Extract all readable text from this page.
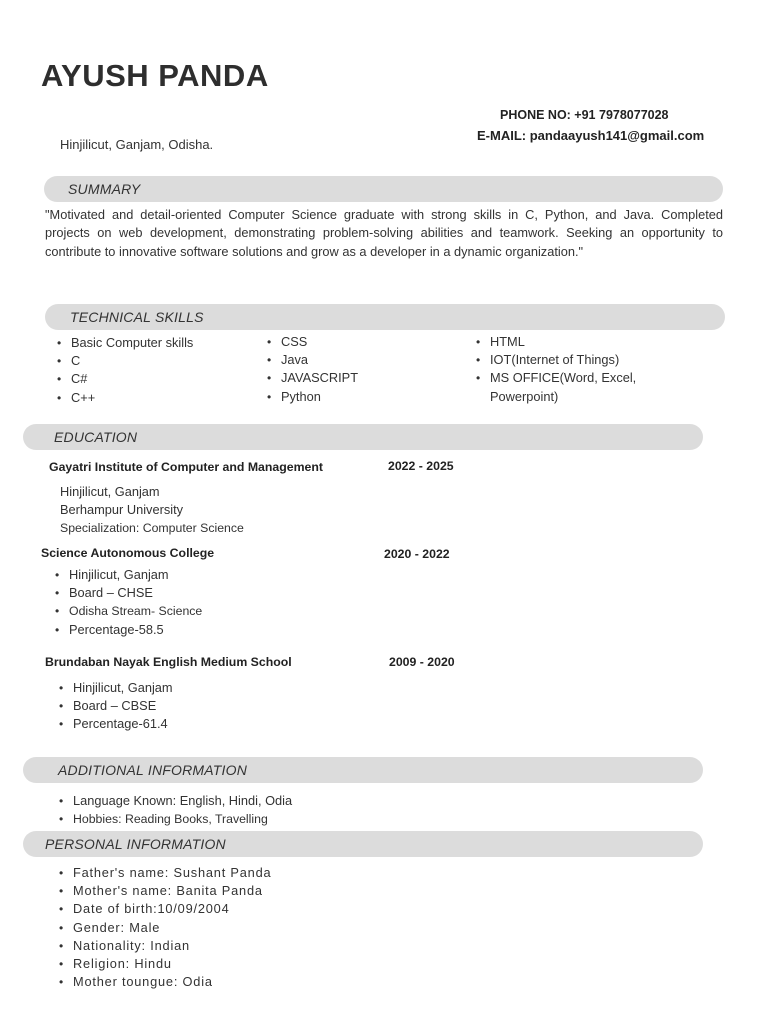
AYUSH PANDA
PHONE NO: +91 7978077028
E-MAIL: pandaayush141@gmail.com
Hinjilicut, Ganjam, Odisha.
SUMMARY

"Motivated and detail-oriented Computer Science graduate with strong skills in C, Python, and Java. Completed projects on web development, demonstrating problem-solving abilities and teamwork. Seeking an opportunity to contribute to innovative software solutions and grow as a developer in a dynamic organization."

TECHNICAL SKILLS
• Basic Computer skills
• C
• C#
• C++
• CSS
• Java
• JAVASCRIPT
• Python
• HTML
• IOT(Internet of Things)
• MS OFFICE(Word, Excel, Powerpoint)
EDUCATION
Gayatri Institute of Computer and Management	2022 - 2025
Hinjilicut, Ganjam
Berhampur University
Specialization: Computer Science
Science Autonomous College	2020 - 2022
• Hinjilicut, Ganjam
• Board – CHSE
• Odisha Stream- Science
• Percentage-58.5
Brundaban Nayak English Medium School	2009 - 2020
• Hinjilicut, Ganjam
• Board – CBSE
• Percentage-61.4
ADDITIONAL INFORMATION
• Language Known: English, Hindi, Odia
• Hobbies: Reading Books, Travelling
PERSONAL INFORMATION
• Father's name: Sushant Panda
• Mother's name: Banita Panda
• Date of birth:10/09/2004
• Gender: Male
• Nationality: Indian
• Religion: Hindu
• Mother toungue: Odia
